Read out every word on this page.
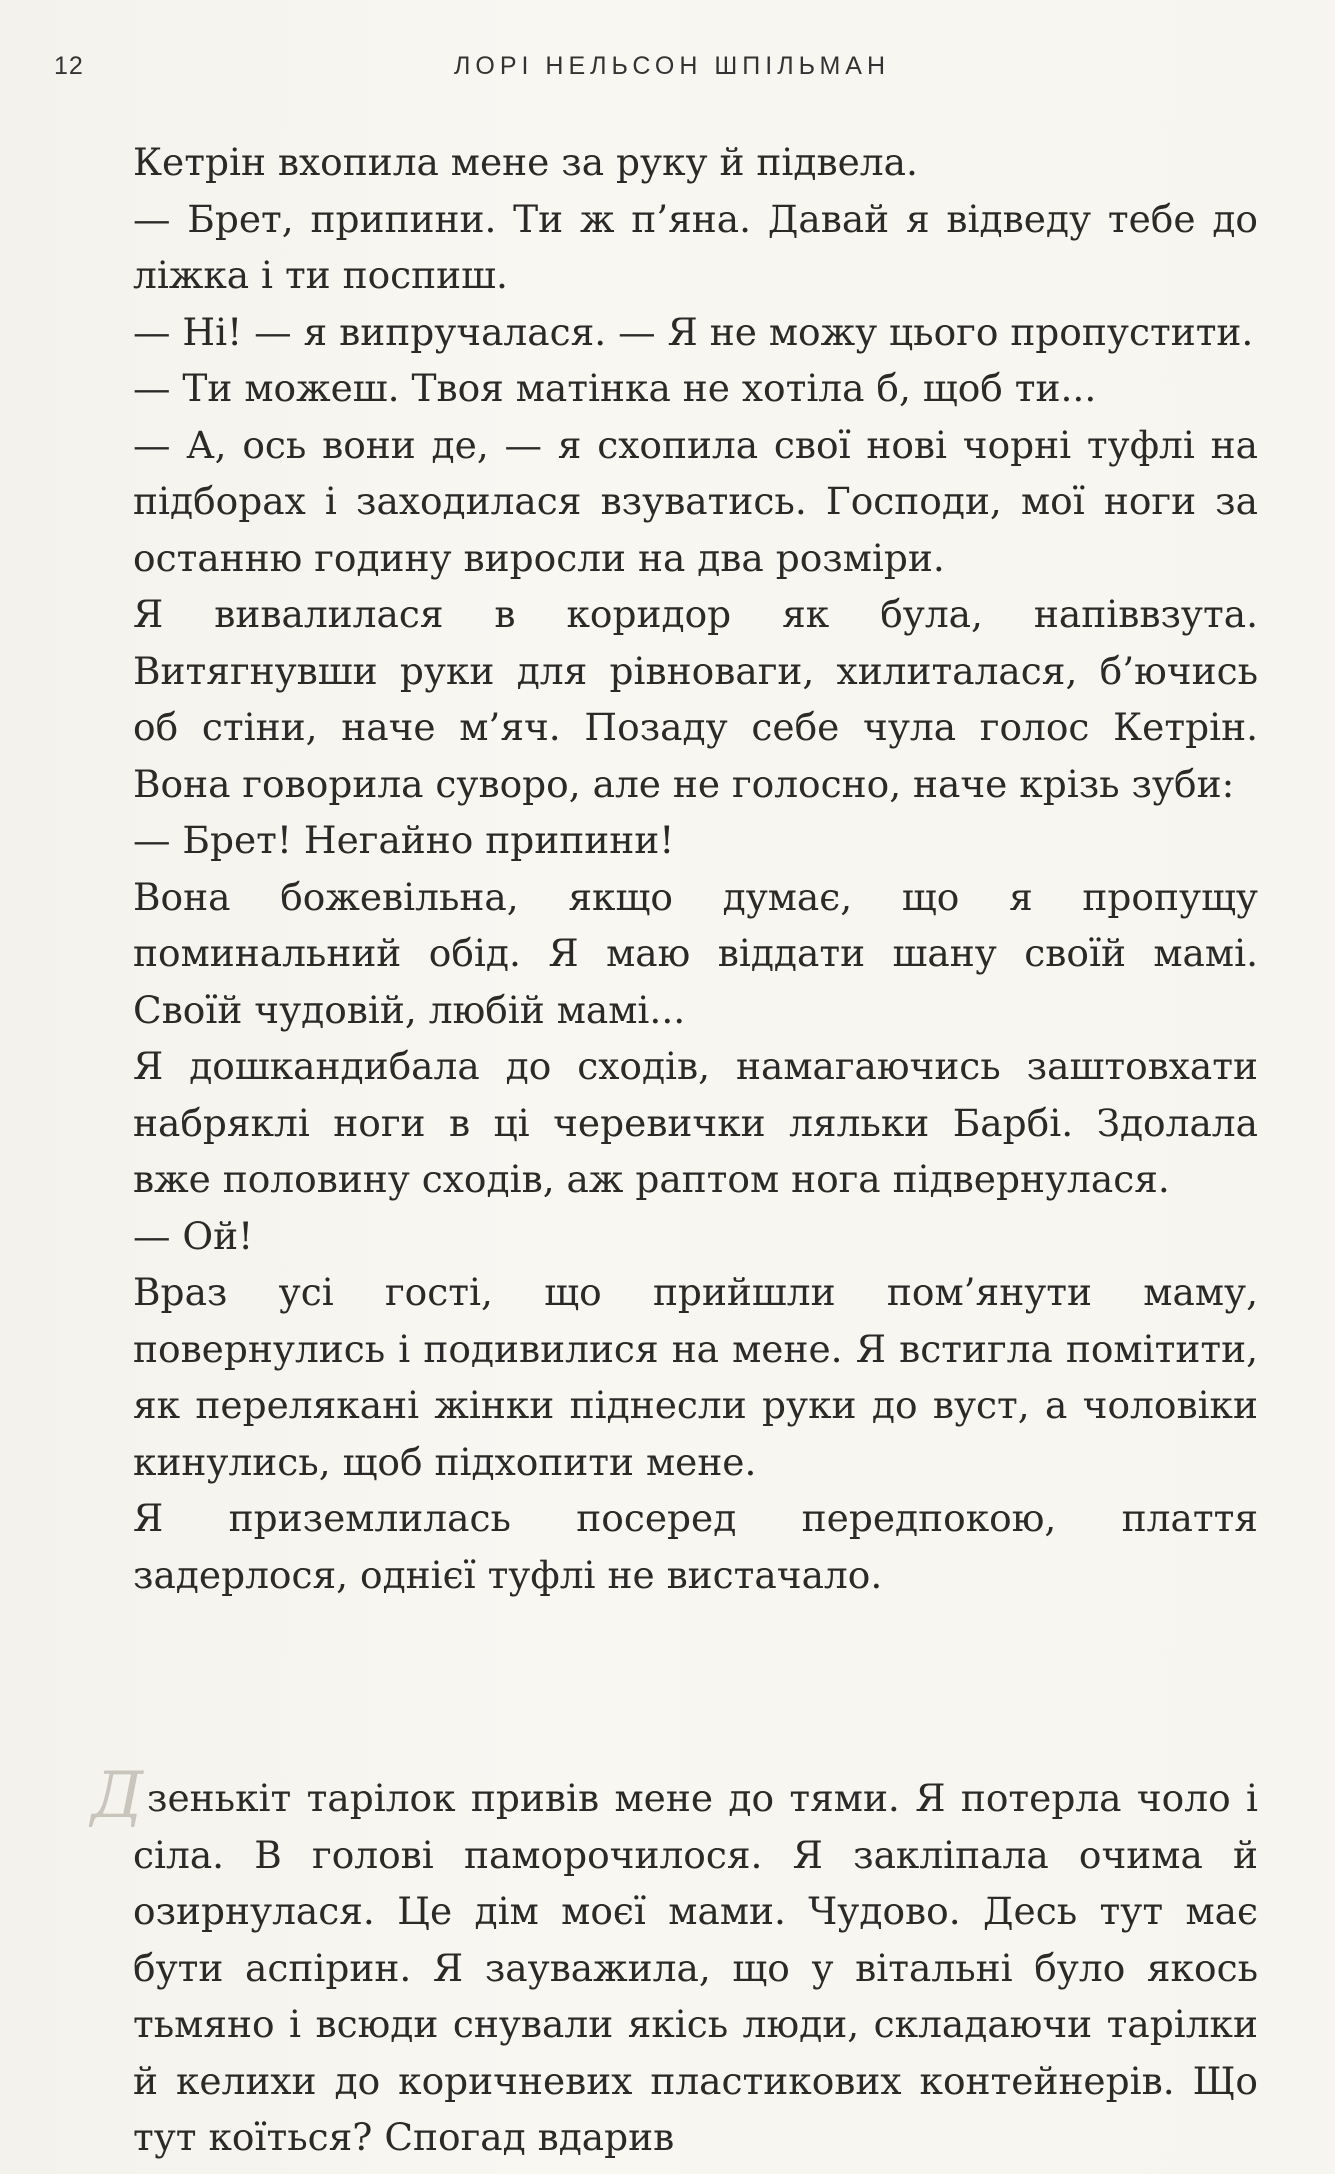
12	ЛОРІ НЕЛЬСОН ШПІЛЬМАН

Кетрін вхопила мене за руку й підвела.

— Брет, припини. Ти ж п’яна. Давай я відведу тебе до ліжка і ти поспиш.

— Ні! — я випручалася. — Я не можу цього пропустити.

— Ти можеш. Твоя матінка не хотіла б, щоб ти...

— А, ось вони де, — я схопила свої нові чорні туфлі на підборах і заходилася взуватись. Господи, мої ноги за останню годину виросли на два розміри.

Я вивалилася в коридор як була, напіввзута. Витягнувши руки для рівноваги, хилиталася, б’ючись об стіни, наче м’яч. Позаду себе чула голос Кетрін. Вона говорила суворо, але не голосно, наче крізь зуби:

— Брет! Негайно припини!

Вона божевільна, якщо думає, що я пропущу поминальний обід. Я маю віддати шану своїй мамі. Своїй чудовій, любій мамі...

Я дошкандибала до сходів, намагаючись заштовхати набряклі ноги в ці черевички ляльки Барбі. Здолала вже половину сходів, аж раптом нога підвернулася.

— Ой!

Враз усі гості, що прийшли пом’янути маму, повернулись і подивилися на мене. Я встигла помітити, як перелякані жінки піднесли руки до вуст, а чоловіки кинулись, щоб підхопити мене.

Я приземлилась посеред передпокою, плаття задерлося, однієї туфлі не вистачало.

Дзенькіт тарілок привів мене до тями. Я потерла чоло і сіла. В голові паморочилося. Я закліпала очима й озирнулася. Це дім моєї мами. Чудово. Десь тут має бути аспірин. Я зауважила, що у вітальні було якось тьмяно і всюди снували якісь люди, складаючи тарілки й келихи до коричневих пластикових контейнерів. Що тут коїться? Спогад вдарив
